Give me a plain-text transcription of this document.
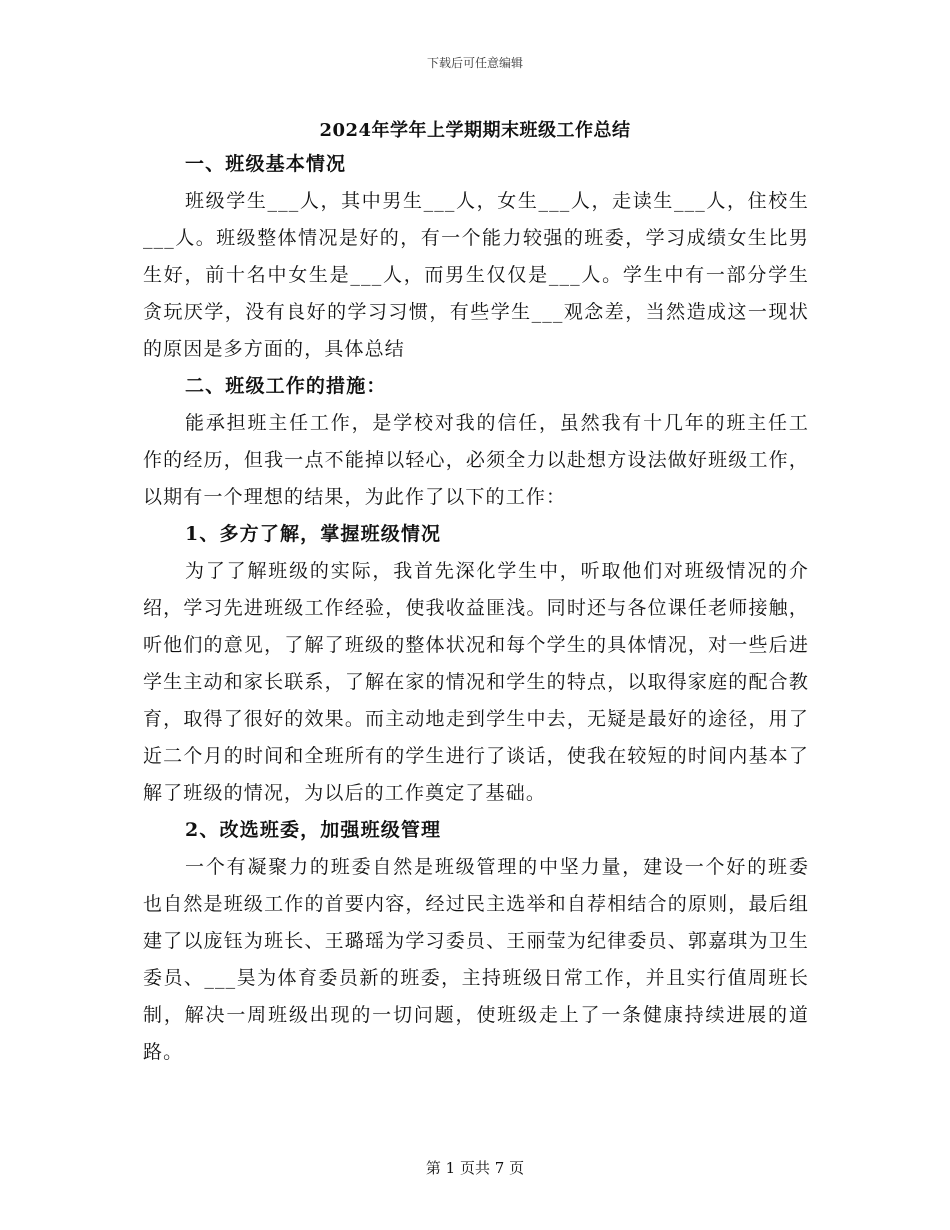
下载后可任意编辑
2024年学年上学期期末班级工作总结

一、班级基本情况

班级学生___人，其中男生___人，女生___人，走读生___人，住校生___人。班级整体情况是好的，有一个能力较强的班委，学习成绩女生比男生好，前十名中女生是___人，而男生仅仅是___人。学生中有一部分学生贪玩厌学，没有良好的学习习惯，有些学生___观念差，当然造成这一现状的原因是多方面的，具体总结

二、班级工作的措施：

能承担班主任工作，是学校对我的信任，虽然我有十几年的班主任工作的经历，但我一点不能掉以轻心，必须全力以赴想方设法做好班级工作，以期有一个理想的结果，为此作了以下的工作：

1、多方了解，掌握班级情况

为了了解班级的实际，我首先深化学生中，听取他们对班级情况的介绍，学习先进班级工作经验，使我收益匪浅。同时还与各位课任老师接触，听他们的意见，了解了班级的整体状况和每个学生的具体情况，对一些后进学生主动和家长联系，了解在家的情况和学生的特点，以取得家庭的配合教育，取得了很好的效果。而主动地走到学生中去，无疑是最好的途径，用了近二个月的时间和全班所有的学生进行了谈话，使我在较短的时间内基本了解了班级的情况，为以后的工作奠定了基础。

2、改选班委，加强班级管理

一个有凝聚力的班委自然是班级管理的中坚力量，建设一个好的班委也自然是班级工作的首要内容，经过民主选举和自荐相结合的原则，最后组建了以庞钰为班长、王璐瑶为学习委员、王丽莹为纪律委员、郭嘉琪为卫生委员、___昊为体育委员新的班委，主持班级日常工作，并且实行值周班长制，解决一周班级出现的一切问题，使班级走上了一条健康持续进展的道路。

第 1 页共 7 页
